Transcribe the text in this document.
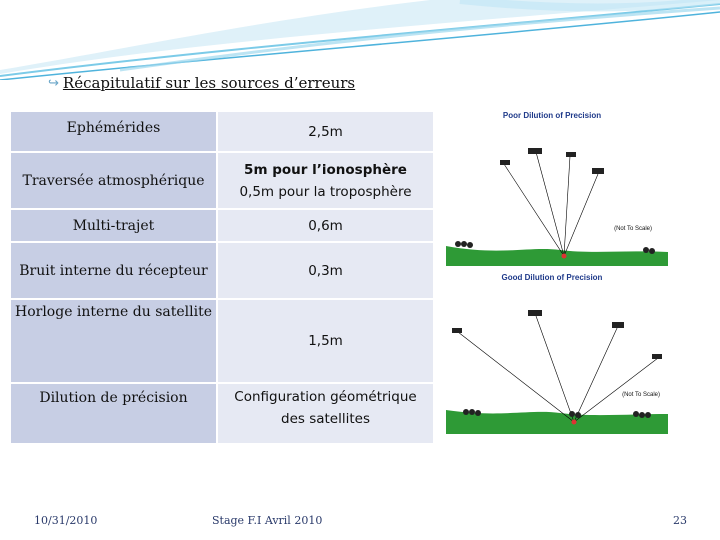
↪ Récapitulatif sur les sources d’erreurs
Ephémérides	2,5m

Traversée atmosphérique	5m pour l’ionosphère
0,5m pour la troposphère

Multi-trajet	0,6m

Bruit interne du récepteur	0,3m

Horloge interne du satellite	1,5m

Dilution de précision	Configuration géométrique
des satellites
Poor Dilution of Precision
(Not To Scale)
Good Dilution of Precision
(Not To Scale)
10/31/2010	Stage F.I Avril 2010	23
